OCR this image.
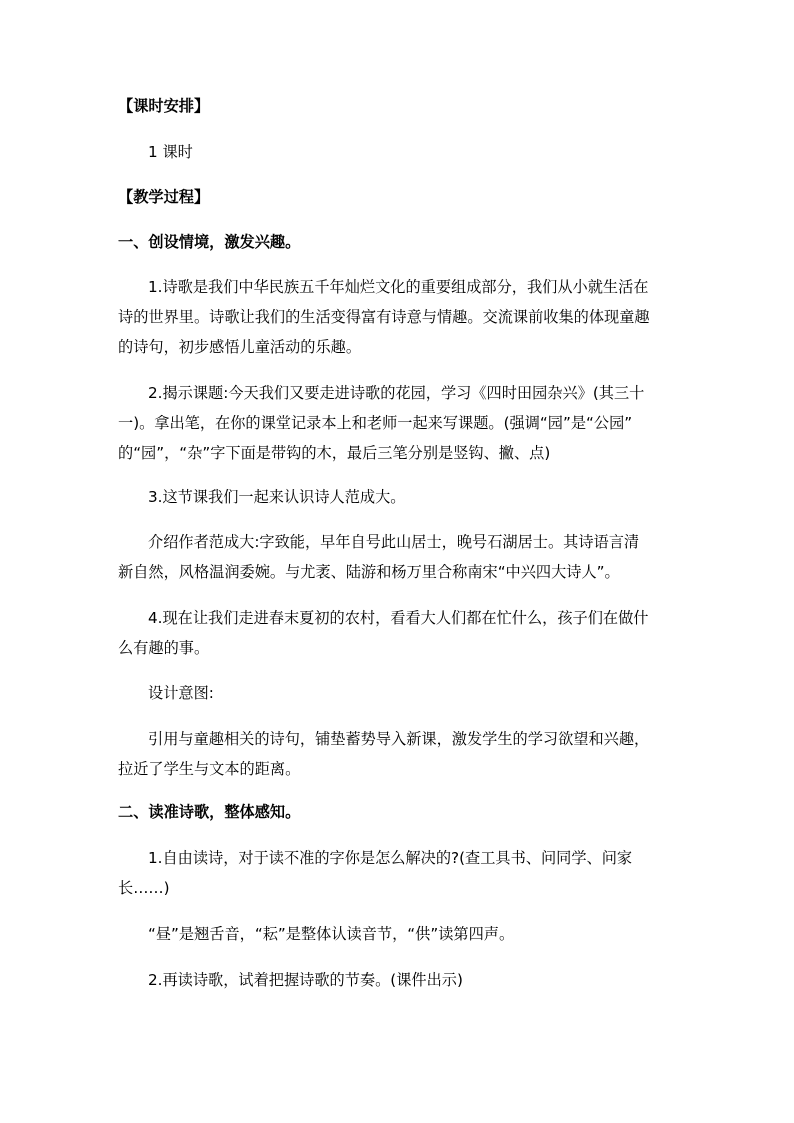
【课时安排】
1 课时
【教学过程】
一、创设情境，激发兴趣。
1.诗歌是我们中华民族五千年灿烂文化的重要组成部分，我们从小就生活在
诗的世界里。诗歌让我们的生活变得富有诗意与情趣。交流课前收集的体现童趣
的诗句，初步感悟儿童活动的乐趣。
2.揭示课题:今天我们又要走进诗歌的花园，学习《四时田园杂兴》(其三十
一)。拿出笔，在你的课堂记录本上和老师一起来写课题。(强调“园”是“公园”
的“园”，“杂”字下面是带钩的木，最后三笔分别是竖钩、撇、点)
3.这节课我们一起来认识诗人范成大。
介绍作者范成大:字致能，早年自号此山居士，晚号石湖居士。其诗语言清
新自然，风格温润委婉。与尤袤、陆游和杨万里合称南宋“中兴四大诗人”。
4.现在让我们走进春末夏初的农村，看看大人们都在忙什么，孩子们在做什
么有趣的事。
设计意图:
引用与童趣相关的诗句，铺垫蓄势导入新课，激发学生的学习欲望和兴趣，
拉近了学生与文本的距离。
二、读准诗歌，整体感知。
1.自由读诗，对于读不准的字你是怎么解决的?(查工具书、问同学、问家
长……)
“昼”是翘舌音，“耘”是整体认读音节，“供”读第四声。
2.再读诗歌，试着把握诗歌的节奏。(课件出示)
